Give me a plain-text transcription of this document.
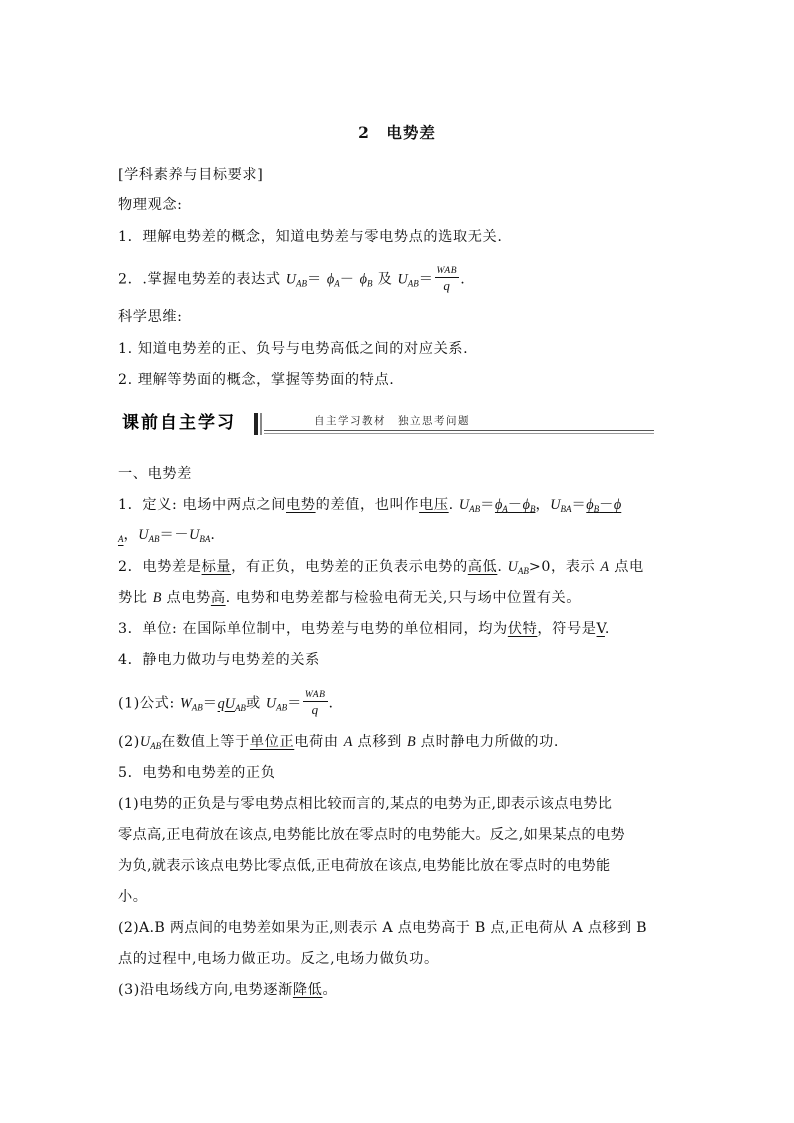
2　电势差
[学科素养与目标要求]
物理观念:
1．理解电势差的概念，知道电势差与零电势点的选取无关.
2．.掌握电势差的表达式 $U_{AB}= \phi_A- \phi_B$ 及 $U_{AB}= \frac{\text{WAB}}{q}$ .
科学思维:
1. 知道电势差的正、负号与电势高低之间的对应关系.
2. 理解等势面的概念，掌握等势面的特点.
课前自主学习	自主学习教材　独立思考问题
一、电势差
1．定义: 电场中两点之间电势的差值，也叫作电压. $U_{AB}=\phi_A-\phi_B$，$U_{BA}=\phi_B-\phi$
$_A$，$U_{AB}=-U_{BA}$.
2．电势差是标量，有正负，电势差的正负表示电势的高低. $U_{AB}>0$，表示 A 点电
势比 B 点电势高. 电势和电势差都与检验电荷无关,只与场中位置有关。
3．单位: 在国际单位制中，电势差与电势的单位相同，均为伏特，符号是V.
4．静电力做功与电势差的关系
(1)公式: $W_{AB}=qU_{AB}$或 $U_{AB}= \frac{\text{WAB}}{q}$ .
$(2)U_{AB}$在数值上等于单位正电荷由 A 点移到 B 点时静电力所做的功.
5．电势和电势差的正负
(1)电势的正负是与零电势点相比较而言的,某点的电势为正,即表示该点电势比
零点高,正电荷放在该点,电势能比放在零点时的电势能大。反之,如果某点的电势
为负,就表示该点电势比零点低,正电荷放在该点,电势能比放在零点时的电势能
小。
(2)A.B 两点间的电势差如果为正,则表示 A 点电势高于 B 点,正电荷从 A 点移到 B
点的过程中,电场力做正功。反之,电场力做负功。
(3)沿电场线方向,电势逐渐降低。
